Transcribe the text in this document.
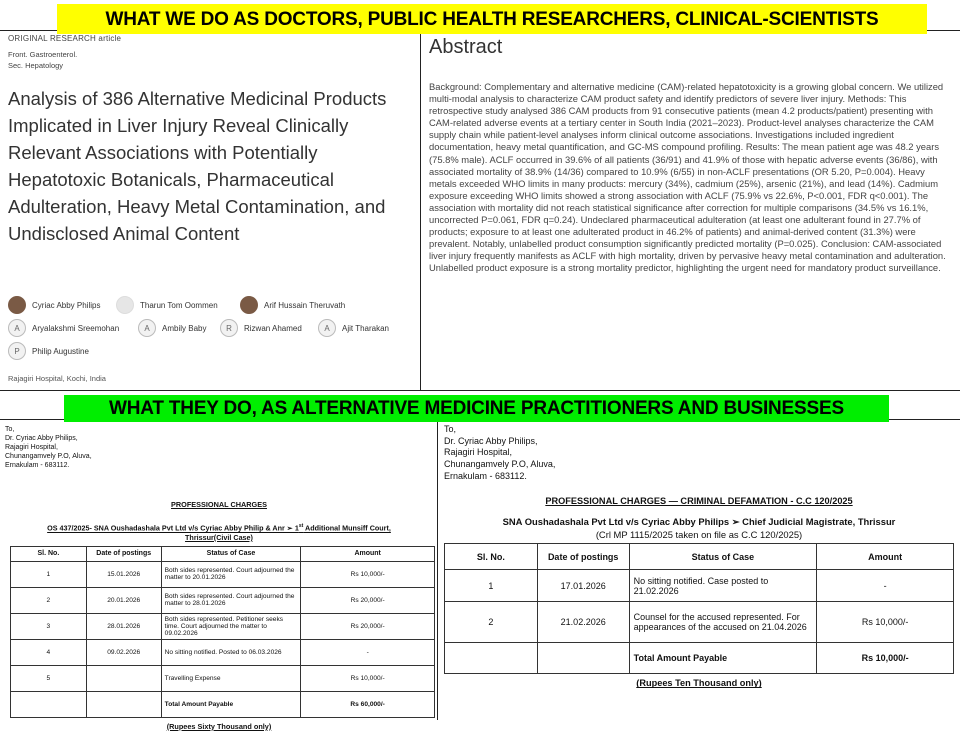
WHAT WE DO AS DOCTORS, PUBLIC HEALTH RESEARCHERS, CLINICAL-SCIENTISTS
WHAT THEY DO, AS ALTERNATIVE MEDICINE PRACTITIONERS AND BUSINESSES
ORIGINAL RESEARCH article
Front. Gastroenterol.
Sec. Hepatology
Analysis of 386 Alternative Medicinal Products Implicated in Liver Injury Reveal Clinically Relevant Associations with Potentially Hepatotoxic Botanicals, Pharmaceutical Adulteration, Heavy Metal Contamination, and Undisclosed Animal Content
Cyriac Abby Philips	Tharun Tom Oommen	Arif Hussain Theruvath
A	Aryalakshmi Sreemohan	A	Ambily Baby	R	Rizwan Ahamed	A	Ajit Tharakan
P	Philip Augustine
Rajagiri Hospital, Kochi, India
Abstract
Background: Complementary and alternative medicine (CAM)-related hepatotoxicity is a growing global concern. We utilized multi-modal analysis to characterize CAM product safety and identify predictors of severe liver injury. Methods: This retrospective study analysed 386 CAM products from 91 consecutive patients (mean 4.2 products/patient) presenting with CAM-related adverse events at a tertiary center in South India (2021–2023). Product-level analyses characterize the CAM supply chain while patient-level analyses inform clinical outcome associations. Investigations included ingredient documentation, heavy metal quantification, and GC-MS compound profiling. Results: The mean patient age was 48.2 years (75.8% male). ACLF occurred in 39.6% of all patients (36/91) and 41.9% of those with hepatic adverse events (36/86), with associated mortality of 38.9% (14/36) compared to 10.9% (6/55) in non-ACLF presentations (OR 5.20, P=0.004). Heavy metals exceeded WHO limits in many products: mercury (34%), cadmium (25%), arsenic (21%), and lead (14%). Cadmium exposure exceeding WHO limits showed a strong association with ACLF (75.9% vs 22.6%, P<0.001, FDR q<0.001). The association with mortality did not reach statistical significance after correction for multiple comparisons (34.5% vs 16.1%, uncorrected P=0.061, FDR q=0.24). Undeclared pharmaceutical adulteration (at least one adulterant found in 27.7% of products; exposure to at least one adulterated product in 46.2% of patients) and animal-derived content (31.3%) were prevalent. Notably, unlabelled product consumption significantly predicted mortality (P=0.025). Conclusion: CAM-associated liver injury frequently manifests as ACLF with high mortality, driven by pervasive heavy metal contamination and adulteration. Unlabelled product exposure is a strong mortality predictor, highlighting the urgent need for mandatory product surveillance.
To,
Dr. Cyriac Abby Philips,
Rajagiri Hospital,
Chunangamvely P.O, Aluva,
Ernakulam - 683112.
PROFESSIONAL CHARGES
OS 437/2025- SNA Oushadashala Pvt Ltd v/s Cyriac Abby Philip & Anr ➢ 1st Additional Munsiff Court,
Thrissur(Civil Case)
Sl. No.	Date of postings	Status of Case	Amount
1	15.01.2026	Both sides represented. Court adjourned the matter to 20.01.2026	Rs 10,000/-
2	20.01.2026	Both sides represented. Court adjourned the matter to 28.01.2026	Rs 20,000/-
3	28.01.2026	Both sides represented. Petitioner seeks time. Court adjourned the matter to 09.02.2026	Rs 20,000/-
4	09.02.2026	No sitting notified. Posted to 06.03.2026	-
5		Travelling Expense	Rs 10,000/-
		Total Amount Payable	Rs 60,000/-
(Rupees Sixty Thousand only)
To,
Dr. Cyriac Abby Philips,
Rajagiri Hospital,
Chunangamvely P.O, Aluva,
Ernakulam - 683112.
PROFESSIONAL CHARGES — CRIMINAL DEFAMATION - C.C 120/2025
SNA Oushadashala Pvt Ltd v/s Cyriac Abby Philips ➢ Chief Judicial Magistrate, Thrissur
(Crl MP 1115/2025 taken on file as C.C 120/2025)
Sl. No.	Date of postings	Status of Case	Amount
1	17.01.2026	No sitting notified. Case posted to 21.02.2026	-
2	21.02.2026	Counsel for the accused represented. For appearances of the accused on 21.04.2026	Rs 10,000/-
		Total Amount Payable	Rs 10,000/-
(Rupees Ten Thousand only)
